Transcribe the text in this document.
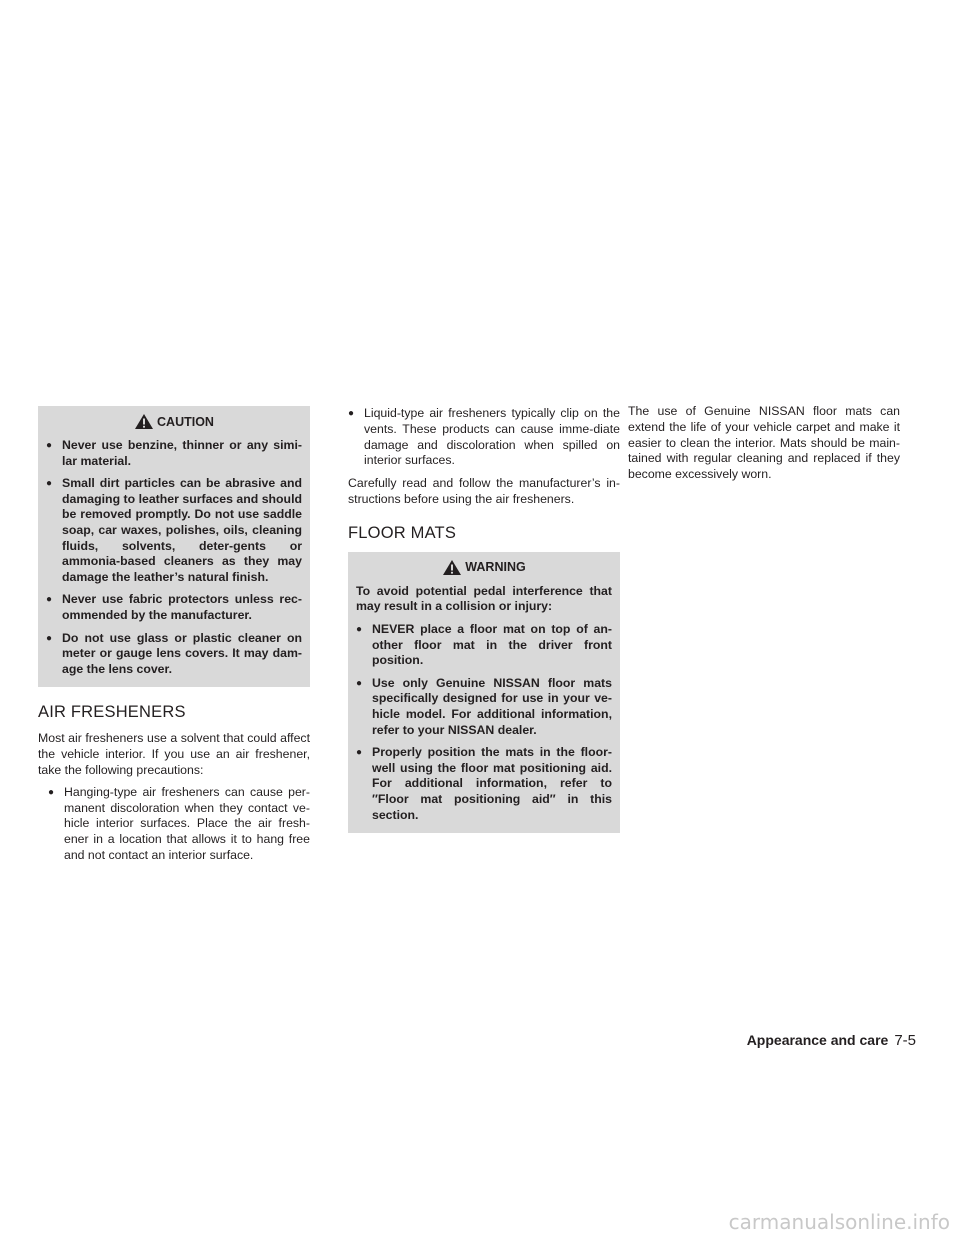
CAUTION
● Never use benzine, thinner or any simi-lar material.
● Small dirt particles can be abrasive and damaging to leather surfaces and should be removed promptly. Do not use saddle soap, car waxes, polishes, oils, cleaning fluids, solvents, deter-gents or ammonia-based cleaners as they may damage the leather’s natural finish.
● Never use fabric protectors unless rec-ommended by the manufacturer.
● Do not use glass or plastic cleaner on meter or gauge lens covers. It may dam-age the lens cover.
AIR FRESHENERS

Most air fresheners use a solvent that could affect the vehicle interior. If you use an air freshener, take the following precautions:

● Hanging-type air fresheners can cause per-manent discoloration when they contact ve-hicle interior surfaces. Place the air fresh-ener in a location that allows it to hang free and not contact an interior surface.
● Liquid-type air fresheners typically clip on the vents. These products can cause imme-diate damage and discoloration when spilled on interior surfaces.

Carefully read and follow the manufacturer’s in-structions before using the air fresheners.

FLOOR MATS
WARNING

To avoid potential pedal interference that may result in a collision or injury:

● NEVER place a floor mat on top of an-other floor mat in the driver front position.
● Use only Genuine NISSAN floor mats specifically designed for use in your ve-hicle model. For additional information, refer to your NISSAN dealer.
● Properly position the mats in the floor-well using the floor mat positioning aid. For additional information, refer to ″Floor mat positioning aid″ in this section.

The use of Genuine NISSAN floor mats can extend the life of your vehicle carpet and make it easier to clean the interior. Mats should be main-tained with regular cleaning and replaced if they become excessively worn.

Appearance and care 7-5
carmanualsonline.info
